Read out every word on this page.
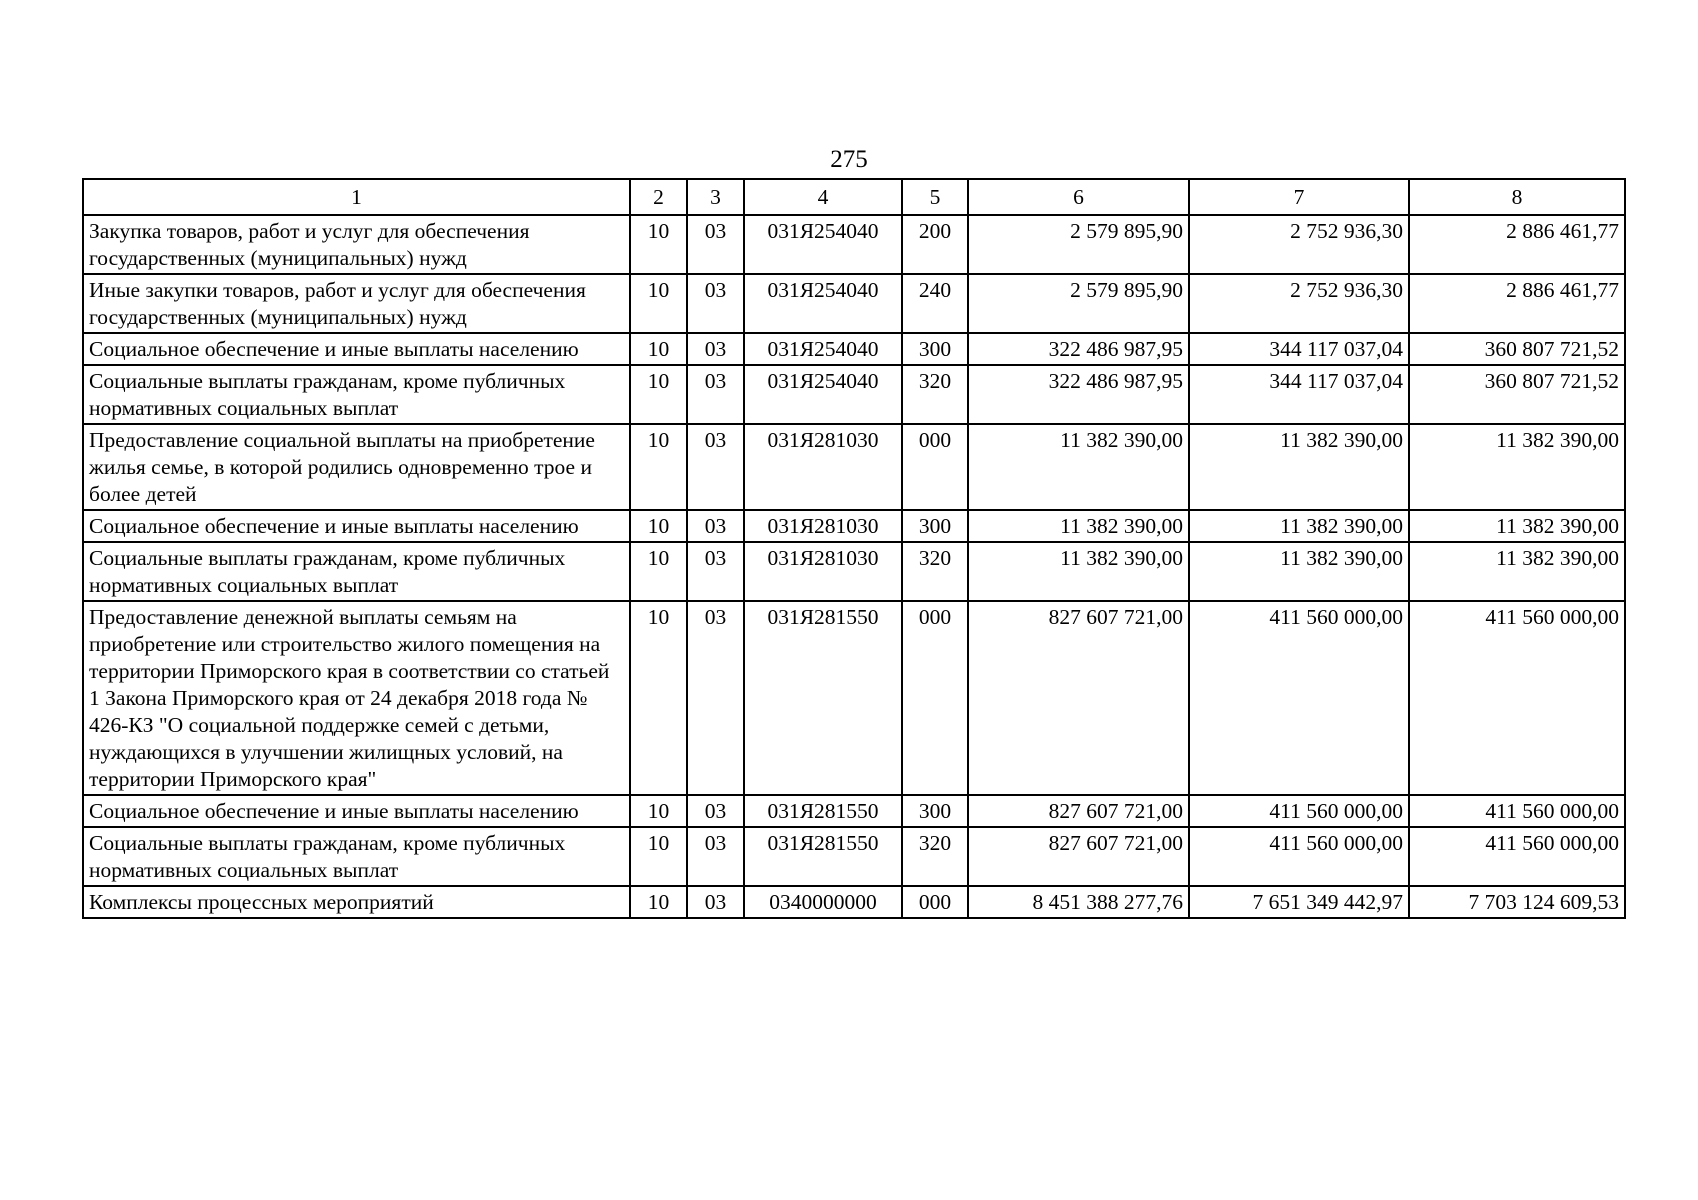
275
1	2	3	4	5	6	7	8
Закупка товаров, работ и услуг для обеспечения государственных (муниципальных) нужд	10	03	031Я254040	200	2 579 895,90	2 752 936,30	2 886 461,77
Иные закупки товаров, работ и услуг для обеспечения государственных (муниципальных) нужд	10	03	031Я254040	240	2 579 895,90	2 752 936,30	2 886 461,77
Социальное обеспечение и иные выплаты населению	10	03	031Я254040	300	322 486 987,95	344 117 037,04	360 807 721,52
Социальные выплаты гражданам, кроме публичных нормативных социальных выплат	10	03	031Я254040	320	322 486 987,95	344 117 037,04	360 807 721,52
Предоставление социальной выплаты на приобретение жилья семье, в которой родились одновременно трое и более детей	10	03	031Я281030	000	11 382 390,00	11 382 390,00	11 382 390,00
Социальное обеспечение и иные выплаты населению	10	03	031Я281030	300	11 382 390,00	11 382 390,00	11 382 390,00
Социальные выплаты гражданам, кроме публичных нормативных социальных выплат	10	03	031Я281030	320	11 382 390,00	11 382 390,00	11 382 390,00
Предоставление денежной выплаты семьям на приобретение или строительство жилого помещения на территории Приморского края в соответствии со статьей 1 Закона Приморского края от 24 декабря 2018 года № 426-КЗ "О социальной поддержке семей с детьми, нуждающихся в улучшении жилищных условий, на территории Приморского края"	10	03	031Я281550	000	827 607 721,00	411 560 000,00	411 560 000,00
Социальное обеспечение и иные выплаты населению	10	03	031Я281550	300	827 607 721,00	411 560 000,00	411 560 000,00
Социальные выплаты гражданам, кроме публичных нормативных социальных выплат	10	03	031Я281550	320	827 607 721,00	411 560 000,00	411 560 000,00
Комплексы процессных мероприятий	10	03	0340000000	000	8 451 388 277,76	7 651 349 442,97	7 703 124 609,53
